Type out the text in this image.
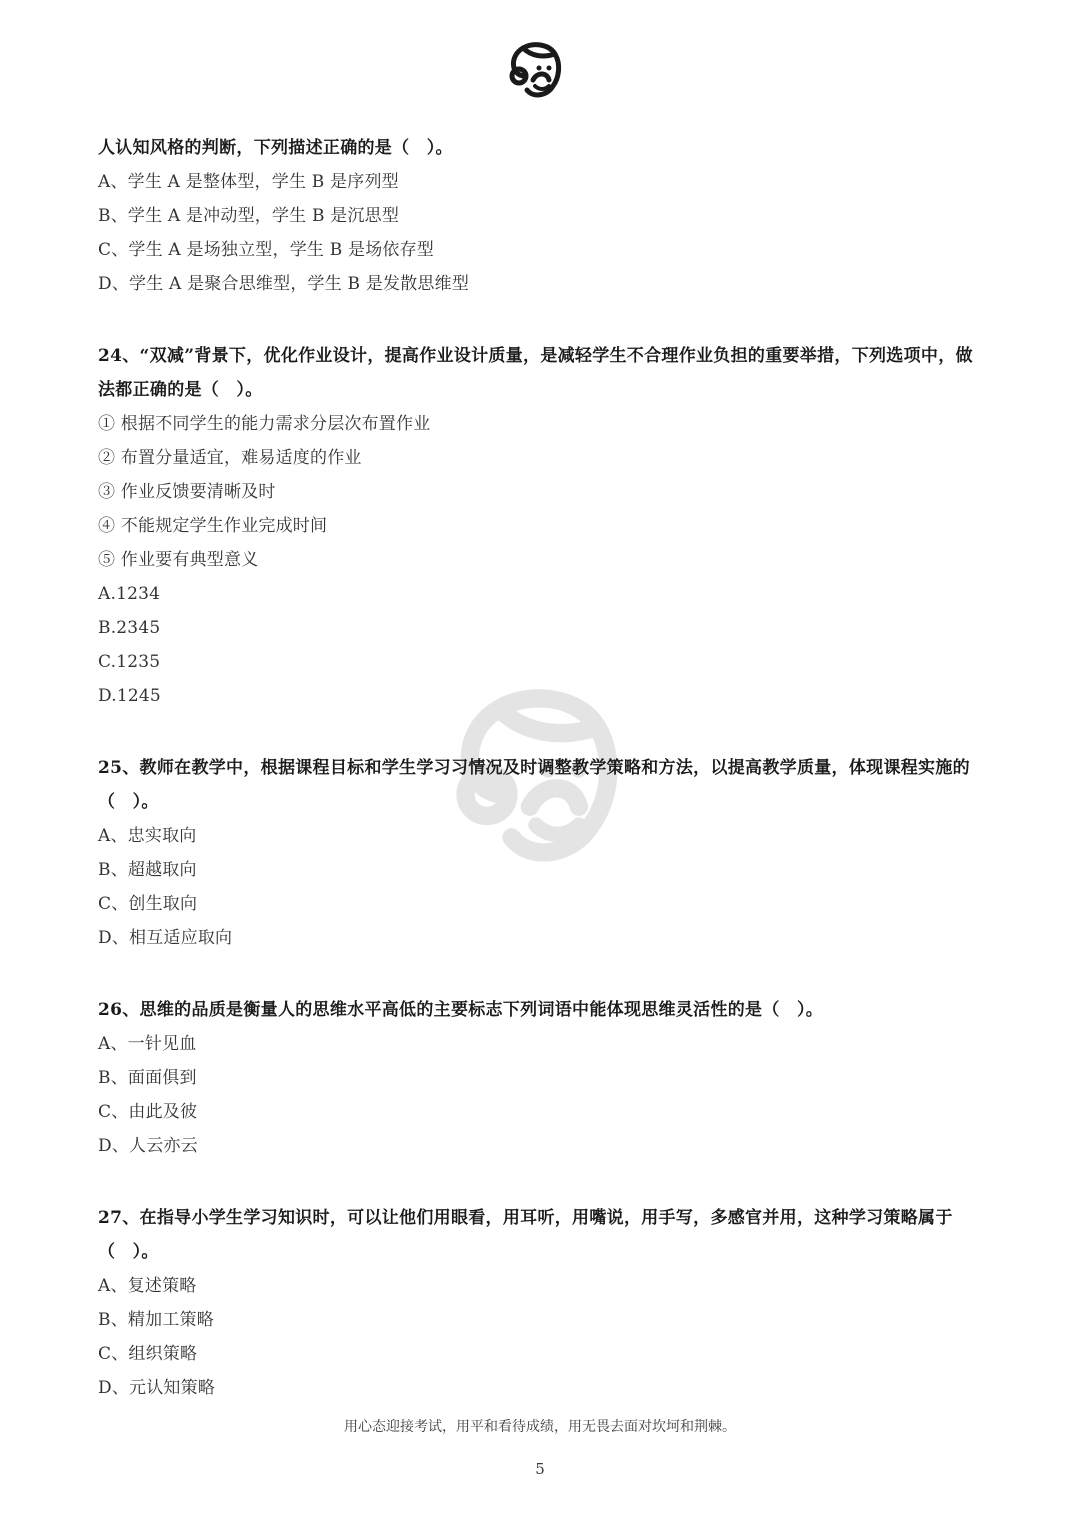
人认知风格的判断，下列描述正确的是（　）。
A、学生 A 是整体型，学生 B 是序列型
B、学生 A 是冲动型，学生 B 是沉思型
C、学生 A 是场独立型，学生 B 是场依存型
D、学生 A 是聚合思维型，学生 B 是发散思维型
24、“双减”背景下，优化作业设计，提高作业设计质量，是减轻学生不合理作业负担的重要举措，下列选项中，做法都正确的是（　）。
① 根据不同学生的能力需求分层次布置作业
② 布置分量适宜，难易适度的作业
③ 作业反馈要清晰及时
④ 不能规定学生作业完成时间
⑤ 作业要有典型意义
A.1234
B.2345
C.1235
D.1245
25、教师在教学中，根据课程目标和学生学习习情况及时调整教学策略和方法，以提高教学质量，体现课程实施的（　）。
A、忠实取向
B、超越取向
C、创生取向
D、相互适应取向
26、思维的品质是衡量人的思维水平高低的主要标志下列词语中能体现思维灵活性的是（　）。
A、一针见血
B、面面俱到
C、由此及彼
D、人云亦云
27、在指导小学生学习知识时，可以让他们用眼看，用耳听，用嘴说，用手写，多感官并用，这种学习策略属于（　）。
A、复述策略
B、精加工策略
C、组织策略
D、元认知策略
用心态迎接考试，用平和看待成绩，用无畏去面对坎坷和荆棘。
5
